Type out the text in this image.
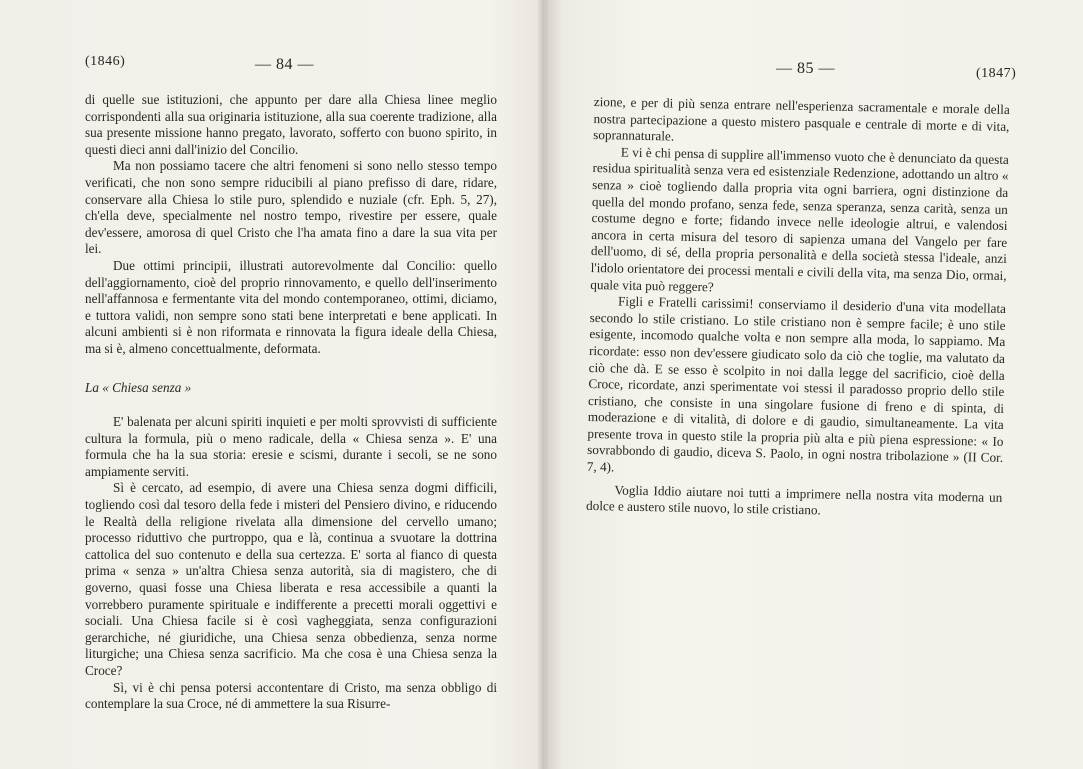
(1846)	— 84 —

di quelle sue istituzioni, che appunto per dare alla Chiesa linee meglio corrispondenti alla sua originaria istituzione, alla sua coerente tradizione, alla sua presente missione hanno pregato, lavorato, sofferto con buono spirito, in questi dieci anni dall'inizio del Concilio.

Ma non possiamo tacere che altri fenomeni si sono nello stesso tempo verificati, che non sono sempre riducibili al piano prefisso di dare, ridare, conservare alla Chiesa lo stile puro, splendido e nuziale (cfr. Eph. 5, 27), ch'ella deve, specialmente nel nostro tempo, rivestire per essere, quale dev'essere, amorosa di quel Cristo che l'ha amata fino a dare la sua vita per lei.

Due ottimi principii, illustrati autorevolmente dal Concilio: quello dell'aggiornamento, cioè del proprio rinnovamento, e quello dell'inserimento nell'affannosa e fermentante vita del mondo contemporaneo, ottimi, diciamo, e tuttora validi, non sempre sono stati bene interpretati e bene applicati. In alcuni ambienti si è non riformata e rinnovata la figura ideale della Chiesa, ma si è, almeno concettualmente, deformata.

La « Chiesa senza »

E' balenata per alcuni spiriti inquieti e per molti sprovvisti di sufficiente cultura la formula, più o meno radicale, della « Chiesa senza ». E' una formula che ha la sua storia: eresie e scismi, durante i secoli, se ne sono ampiamente serviti.

Sì è cercato, ad esempio, di avere una Chiesa senza dogmi difficili, togliendo così dal tesoro della fede i misteri del Pensiero divino, e riducendo le Realtà della religione rivelata alla dimensione del cervello umano; processo riduttivo che purtroppo, qua e là, continua a svuotare la dottrina cattolica del suo contenuto e della sua certezza. E' sorta al fianco di questa prima « senza » un'altra Chiesa senza autorità, sia di magistero, che di governo, quasi fosse una Chiesa liberata e resa accessibile a quanti la vorrebbero puramente spirituale e indifferente a precetti morali oggettivi e sociali. Una Chiesa facile si è così vagheggiata, senza configurazioni gerarchiche, né giuridiche, una Chiesa senza obbedienza, senza norme liturgiche; una Chiesa senza sacrificio. Ma che cosa è una Chiesa senza la Croce?

Sì, vi è chi pensa potersi accontentare di Cristo, ma senza obbligo di contemplare la sua Croce, né di ammettere la sua Risurre-

— 85 —	(1847)

zione, e per di più senza entrare nell'esperienza sacramentale e morale della nostra partecipazione a questo mistero pasquale e centrale di morte e di vita, soprannaturale.

E vi è chi pensa di supplire all'immenso vuoto che è denunciato da questa residua spiritualità senza vera ed esistenziale Redenzione, adottando un altro « senza » cioè togliendo dalla propria vita ogni barriera, ogni distinzione da quella del mondo profano, senza fede, senza speranza, senza carità, senza un costume degno e forte; fidando invece nelle ideologie altrui, e valendosi ancora in certa misura del tesoro di sapienza umana del Vangelo per fare dell'uomo, di sé, della propria personalità e della società stessa l'ideale, anzi l'idolo orientatore dei processi mentali e civili della vita, ma senza Dio, ormai, quale vita può reggere?

Figli e Fratelli carissimi! conserviamo il desiderio d'una vita modellata secondo lo stile cristiano. Lo stile cristiano non è sempre facile; è uno stile esigente, incomodo qualche volta e non sempre alla moda, lo sappiamo. Ma ricordate: esso non dev'essere giudicato solo da ciò che toglie, ma valutato da ciò che dà. E se esso è scolpito in noi dalla legge del sacrificio, cioè della Croce, ricordate, anzi sperimentate voi stessi il paradosso proprio dello stile cristiano, che consiste in una singolare fusione di freno e di spinta, di moderazione e di vitalità, di dolore e di gaudio, simultaneamente. La vita presente trova in questo stile la propria più alta e più piena espressione: « Io sovrabbondo di gaudio, diceva S. Paolo, in ogni nostra tribolazione » (II Cor. 7, 4).

Voglia Iddio aiutare noi tutti a imprimere nella nostra vita moderna un dolce e austero stile nuovo, lo stile cristiano.
